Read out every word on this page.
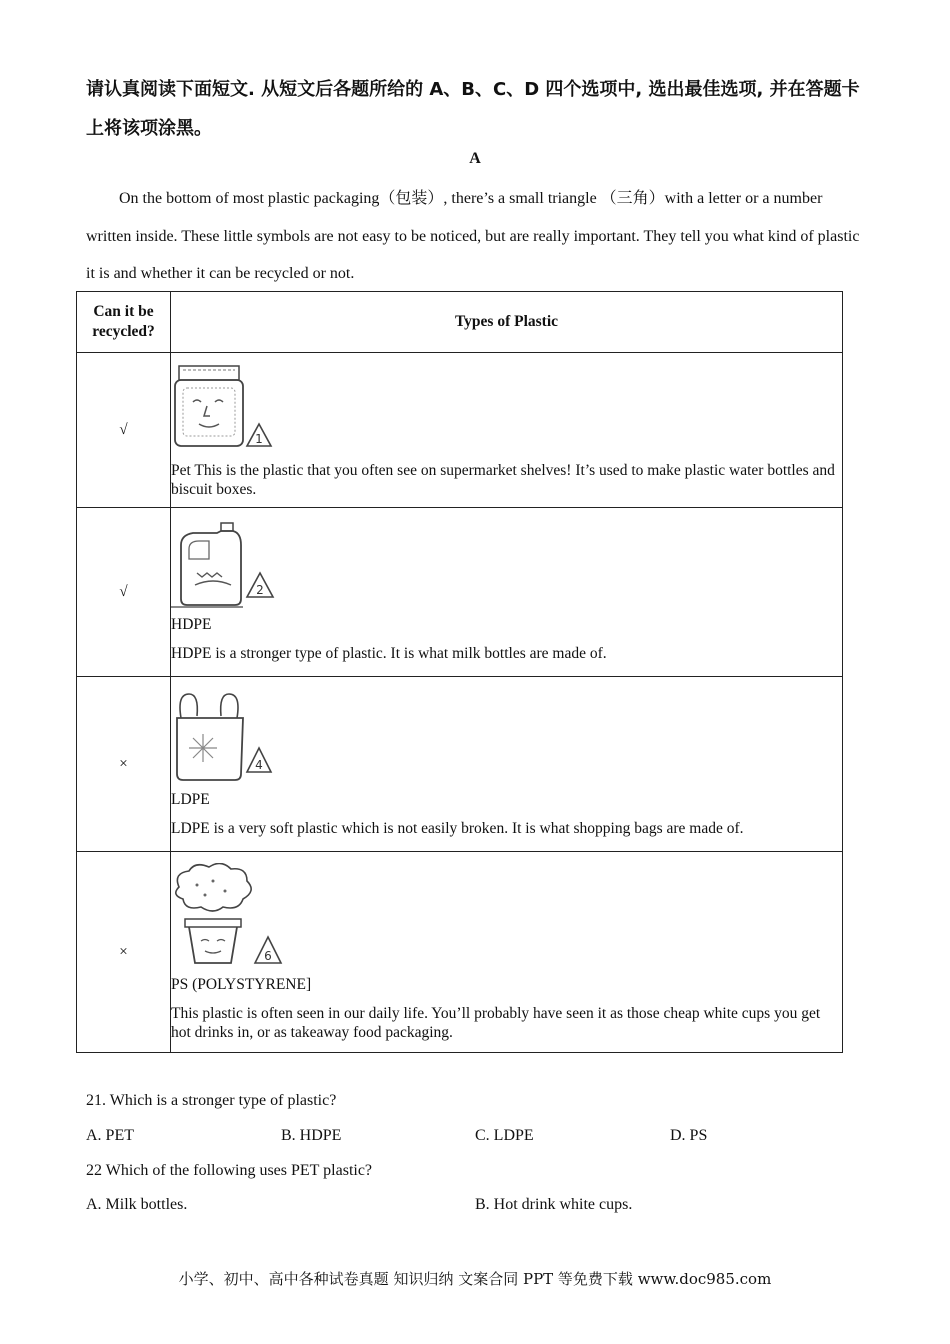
请认真阅读下面短文. 从短文后各题所给的 A、B、C、D 四个选项中, 选出最佳选项, 并在答题卡上将该项涂黑。
A
On the bottom of most plastic packaging（包装）, there’s a small triangle （三角）with a letter or a number written inside. These little symbols are not easy to be noticed, but are really important. They tell you what kind of plastic it is and whether it can be recycled or not.
Can it be recycled?	Types of Plastic
√	1
Pet This is the plastic that you often see on supermarket shelves! It’s used to make plastic water bottles and biscuit boxes.

√	2
HDPE
HDPE is a stronger type of plastic. It is what milk bottles are made of.

×	4
LDPE
LDPE is a very soft plastic which is not easily broken. It is what shopping bags are made of.

×	6
PS (POLYSTYRENE]
This plastic is often seen in our daily life. You’ll probably have seen it as those cheap white cups you get hot drinks in, or as takeaway food packaging.
21. Which is a stronger type of plastic?
A. PET	B. HDPE	C. LDPE	D. PS
22 Which of the following uses PET plastic?
A. Milk bottles.	B. Hot drink white cups.
小学、初中、高中各种试卷真题 知识归纳 文案合同 PPT 等免费下载 www.doc985.com
